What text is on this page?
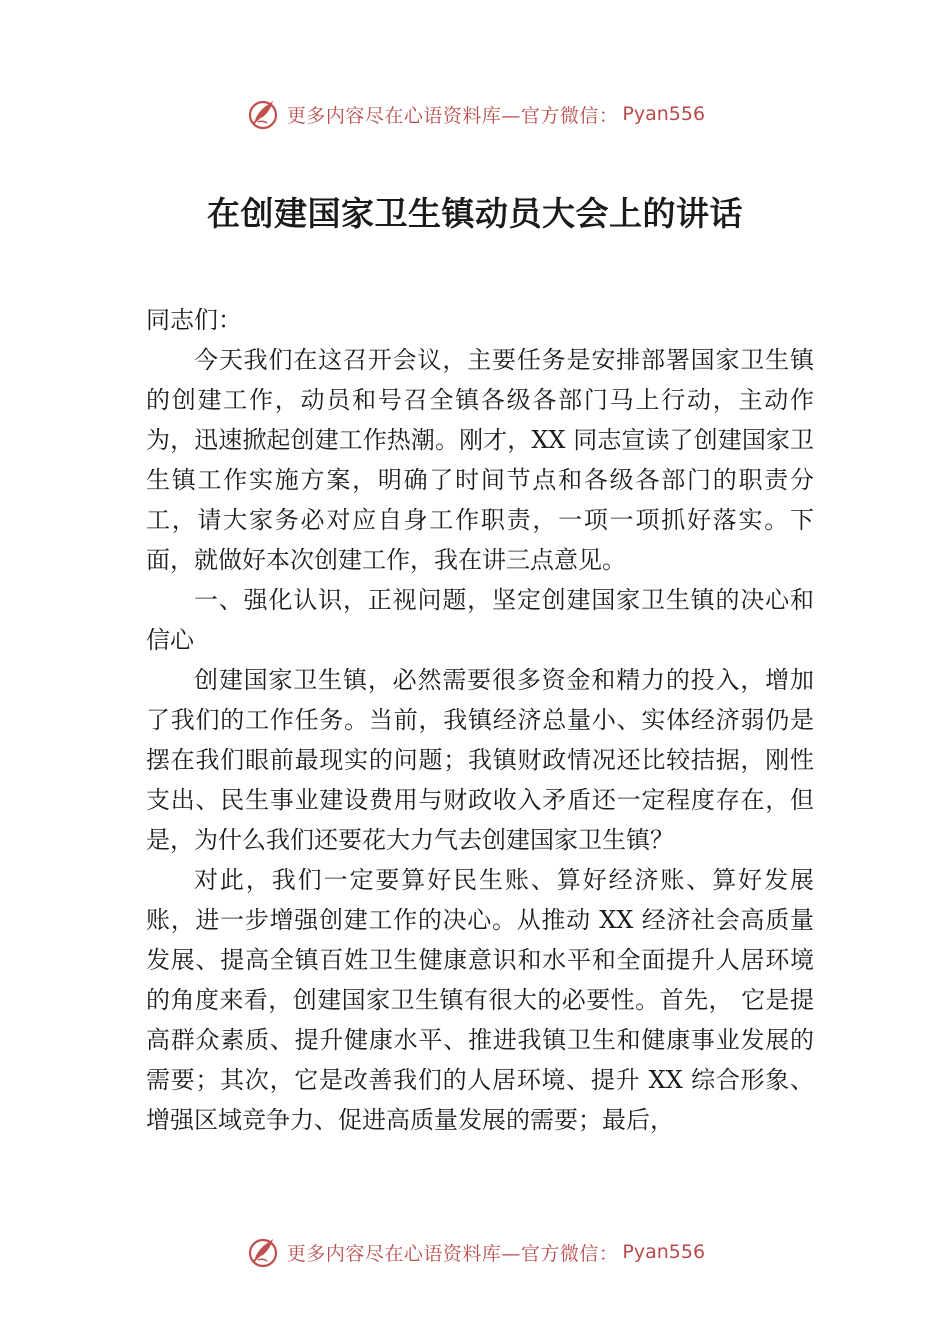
更多内容尽在心语资料库—官方微信： Pyan556
在创建国家卫生镇动员大会上的讲话

同志们：

今天我们在这召开会议，主要任务是安排部署国家卫生镇的创建工作，动员和号召全镇各级各部门马上行动，主动作为，迅速掀起创建工作热潮。刚才，XX 同志宣读了创建国家卫生镇工作实施方案，明确了时间节点和各级各部门的职责分工，请大家务必对应自身工作职责，一项一项抓好落实。下面，就做好本次创建工作，我在讲三点意见。

一、强化认识，正视问题，坚定创建国家卫生镇的决心和信心

创建国家卫生镇，必然需要很多资金和精力的投入，增加了我们的工作任务。当前，我镇经济总量小、实体经济弱仍是摆在我们眼前最现实的问题；我镇财政情况还比较拮据，刚性支出、民生事业建设费用与财政收入矛盾还一定程度存在，但是，为什么我们还要花大力气去创建国家卫生镇？

对此，我们一定要算好民生账、算好经济账、算好发展账，进一步增强创建工作的决心。从推动 XX 经济社会高质量发展、提高全镇百姓卫生健康意识和水平和全面提升人居环境的角度来看，创建国家卫生镇有很大的必要性。首先， 它是提高群众素质、提升健康水平、推进我镇卫生和健康事业发展的需要；其次，它是改善我们的人居环境、提升 XX 综合形象、增强区域竞争力、促进高质量发展的需要；最后，

更多内容尽在心语资料库—官方微信： Pyan556
